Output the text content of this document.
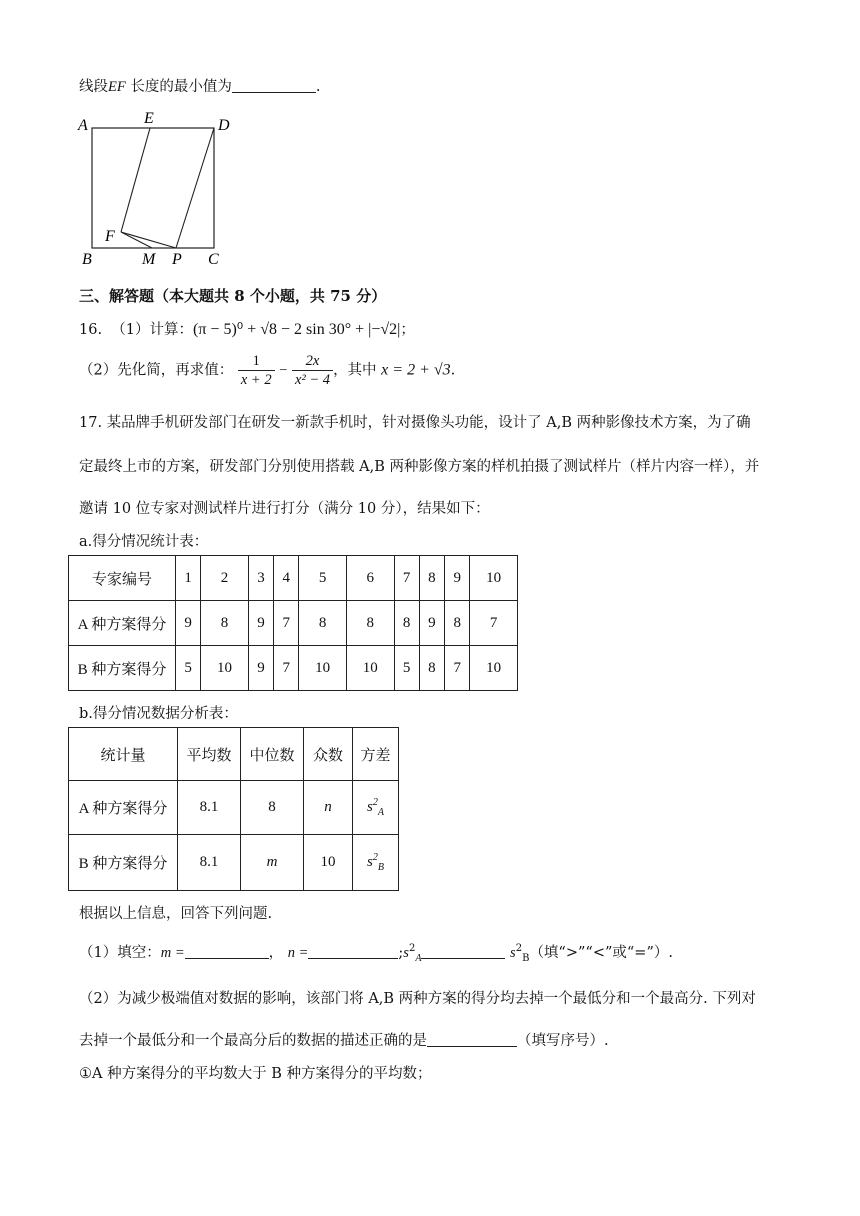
线段EF 长度的最小值为	.
A	E	D
F
B	M P C
三、解答题（本大题共 8 个小题，共 75 分）
16. （1）计算：(π − 5)⁰ + √8 − 2 sin 30° + |−√2|；
（2）先化简，再求值： $\frac{1}{x + 2} - \frac{2x}{\text{x² − 4}}$ ，其中 x = 2 + √3.
17. 某品牌手机研发部门在研发一新款手机时，针对摄像头功能，设计了 A,B 两种影像技术方案，为了确
定最终上市的方案，研发部门分别使用搭载 A,B 两种影像方案的样机拍摄了测试样片（样片内容一样），并
邀请 10 位专家对测试样片进行打分（满分 10 分），结果如下：
a.得分情况统计表：
专家编号	1	2	3	4	5	6	7	8	9	10
A 种方案得分	9	8	9	7	8	8	8	9	8	7
B 种方案得分	5	10	9	7	10	10	5	8	7	10
b.得分情况数据分析表：
统计量	平均数	中位数	众数	方差
A 种方案得分	8.1	8	n	$s^2_A$
B 种方案得分	8.1	m	10	$s^2_B$
根据以上信息，回答下列问题.
（1）填空：m =	， n =	$;s^2_A$	$s^2_B$（填“>”“<”或“=”）.
（2）为减少极端值对数据的影响，该部门将 A,B 两种方案的得分均去掉一个最低分和一个最高分. 下列对
去掉一个最低分和一个最高分后的数据的描述正确的是	（填写序号）.
①A 种方案得分的平均数大于 B 种方案得分的平均数；
